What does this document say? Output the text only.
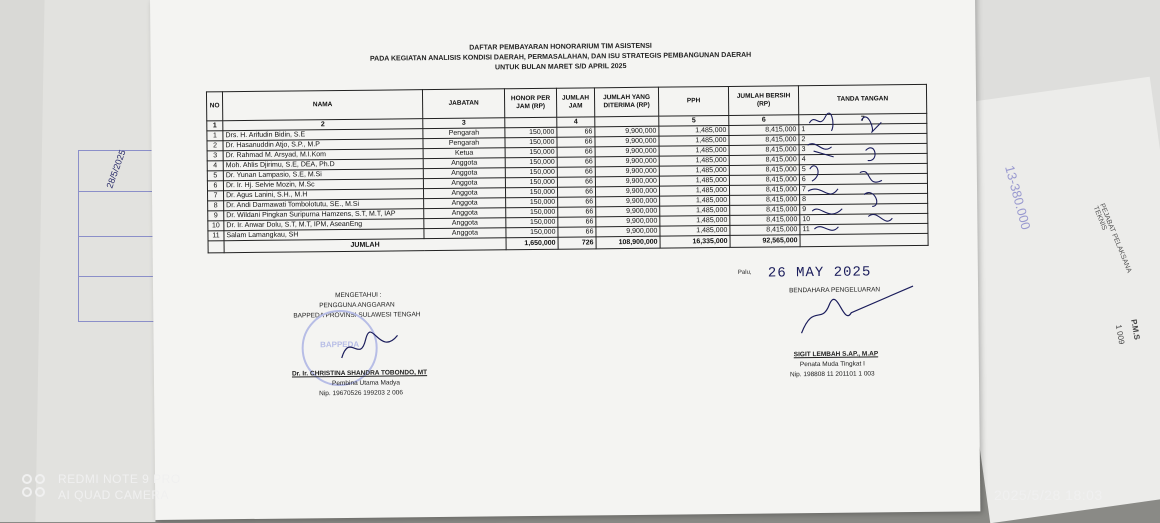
28/5/2025	13-380.000
1 009 P.M.S
PEJABAT PELAKSANA TEKNIS
DAFTAR PEMBAYARAN HONORARIUM TIM ASISTENSI
PADA KEGIATAN ANALISIS KONDISI DAERAH, PERMASALAHAN, DAN ISU STRATEGIS PEMBANGUNAN DAERAH
UNTUK BULAN MARET S/D APRIL 2025
NO	NAMA	JABATAN	HONOR PER JAM (RP)	JUMLAH JAM	JUMLAH YANG DITERIMA (RP)	PPH	JUMLAH BERSIH (RP)	TANDA TANGAN
1	2	3		4		5	6	7
1	Drs. H. Arifudin Bidin, S.E	Pengarah	150,000	66	9,900,000	1,485,000	8,415,000	1
2	Dr. Hasanuddin Atjo, S.P., M.P	Pengarah	150,000	66	9,900,000	1,485,000	8,415,000	2
3	Dr. Rahmad M. Arsyad, M.I.Kom	Ketua	150,000	66	9,900,000	1,485,000	8,415,000	3
4	Moh. Ahlis Djirimu, S.E, DEA, Ph.D	Anggota	150,000	66	9,900,000	1,485,000	8,415,000	4
5	Dr. Yunan Lampasio, S.E, M.Si	Anggota	150,000	66	9,900,000	1,485,000	8,415,000	5
6	Dr. Ir. Hj. Selvie Mozin, M.Sc	Anggota	150,000	66	9,900,000	1,485,000	8,415,000	6
7	Dr. Agus Lanini, S.H., M.H	Anggota	150,000	66	9,900,000	1,485,000	8,415,000	7
8	Dr. Andi Darmawati Tombolotutu, SE., M.Si	Anggota	150,000	66	9,900,000	1,485,000	8,415,000	8
9	Dr. Wildani Pingkan Suripurna Hamzens, S.T, M.T, IAP	Anggota	150,000	66	9,900,000	1,485,000	8,415,000	9
10	Dr. Ir. Anwar Dolu, S.T, M.T, IPM, AseanEng	Anggota	150,000	66	9,900,000	1,485,000	8,415,000	10
11	Salam Lamangkau, SH	Anggota	150,000	66	9,900,000	1,485,000	8,415,000	11
	JUMLAH		1,650,000	726	108,900,000	16,335,000	92,565,000	
Palu, 26 MAY 2025
MENGETAHUI :
PENGGUNA ANGGARAN
BAPPEDA PROVINSI SULAWESI TENGAH
BAPPEDA
Dr. Ir. CHRISTINA SHANDRA TOBONDO, MT
Pembina Utama Madya
Nip. 19670526 199203 2 006
BENDAHARA PENGELUARAN
SIGIT LEMBAH S.AP., M.AP
Penata Muda Tingkat I
Nip. 198808 11 201101 1 003
REDMI NOTE 9 PRO
AI QUAD CAMERA	2025/5/28 18:03
